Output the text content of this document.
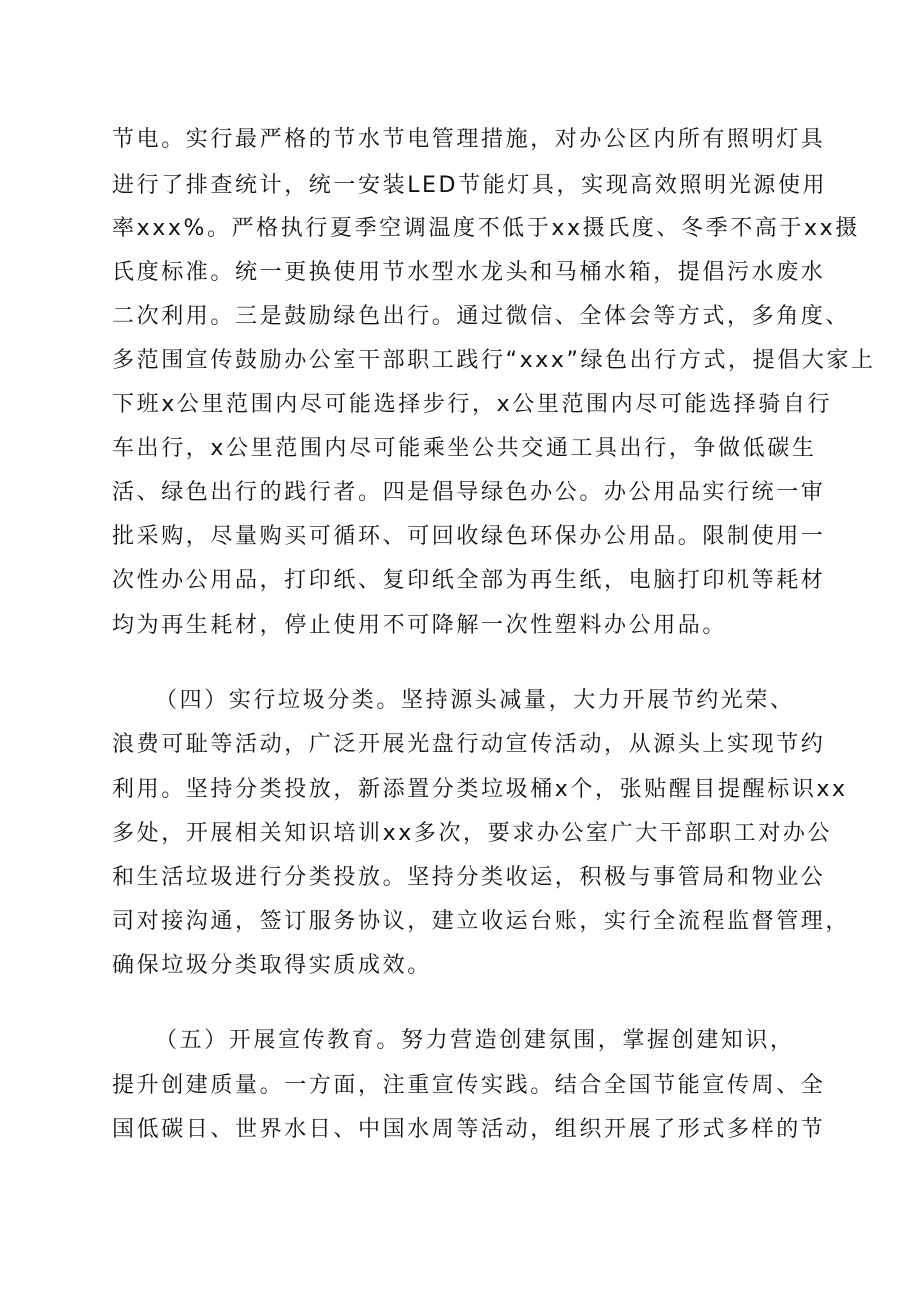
节电。实行最严格的节水节电管理措施，对办公区内所有照明灯具
进行了排查统计，统一安装LED节能灯具，实现高效照明光源使用
率xxx%。严格执行夏季空调温度不低于xx摄氏度、冬季不高于xx摄
氏度标准。统一更换使用节水型水龙头和马桶水箱，提倡污水废水
二次利用。三是鼓励绿色出行。通过微信、全体会等方式，多角度、
多范围宣传鼓励办公室干部职工践行“xxx”绿色出行方式，提倡大家上
下班x公里范围内尽可能选择步行，x公里范围内尽可能选择骑自行
车出行，x公里范围内尽可能乘坐公共交通工具出行，争做低碳生
活、绿色出行的践行者。四是倡导绿色办公。办公用品实行统一审
批采购，尽量购买可循环、可回收绿色环保办公用品。限制使用一
次性办公用品，打印纸、复印纸全部为再生纸，电脑打印机等耗材
均为再生耗材，停止使用不可降解一次性塑料办公用品。
（四）实行垃圾分类。坚持源头减量，大力开展节约光荣、
浪费可耻等活动，广泛开展光盘行动宣传活动，从源头上实现节约
利用。坚持分类投放，新添置分类垃圾桶x个，张贴醒目提醒标识xx
多处，开展相关知识培训xx多次，要求办公室广大干部职工对办公
和生活垃圾进行分类投放。坚持分类收运，积极与事管局和物业公
司对接沟通，签订服务协议，建立收运台账，实行全流程监督管理，
确保垃圾分类取得实质成效。
（五）开展宣传教育。努力营造创建氛围，掌握创建知识，
提升创建质量。一方面，注重宣传实践。结合全国节能宣传周、全
国低碳日、世界水日、中国水周等活动，组织开展了形式多样的节
